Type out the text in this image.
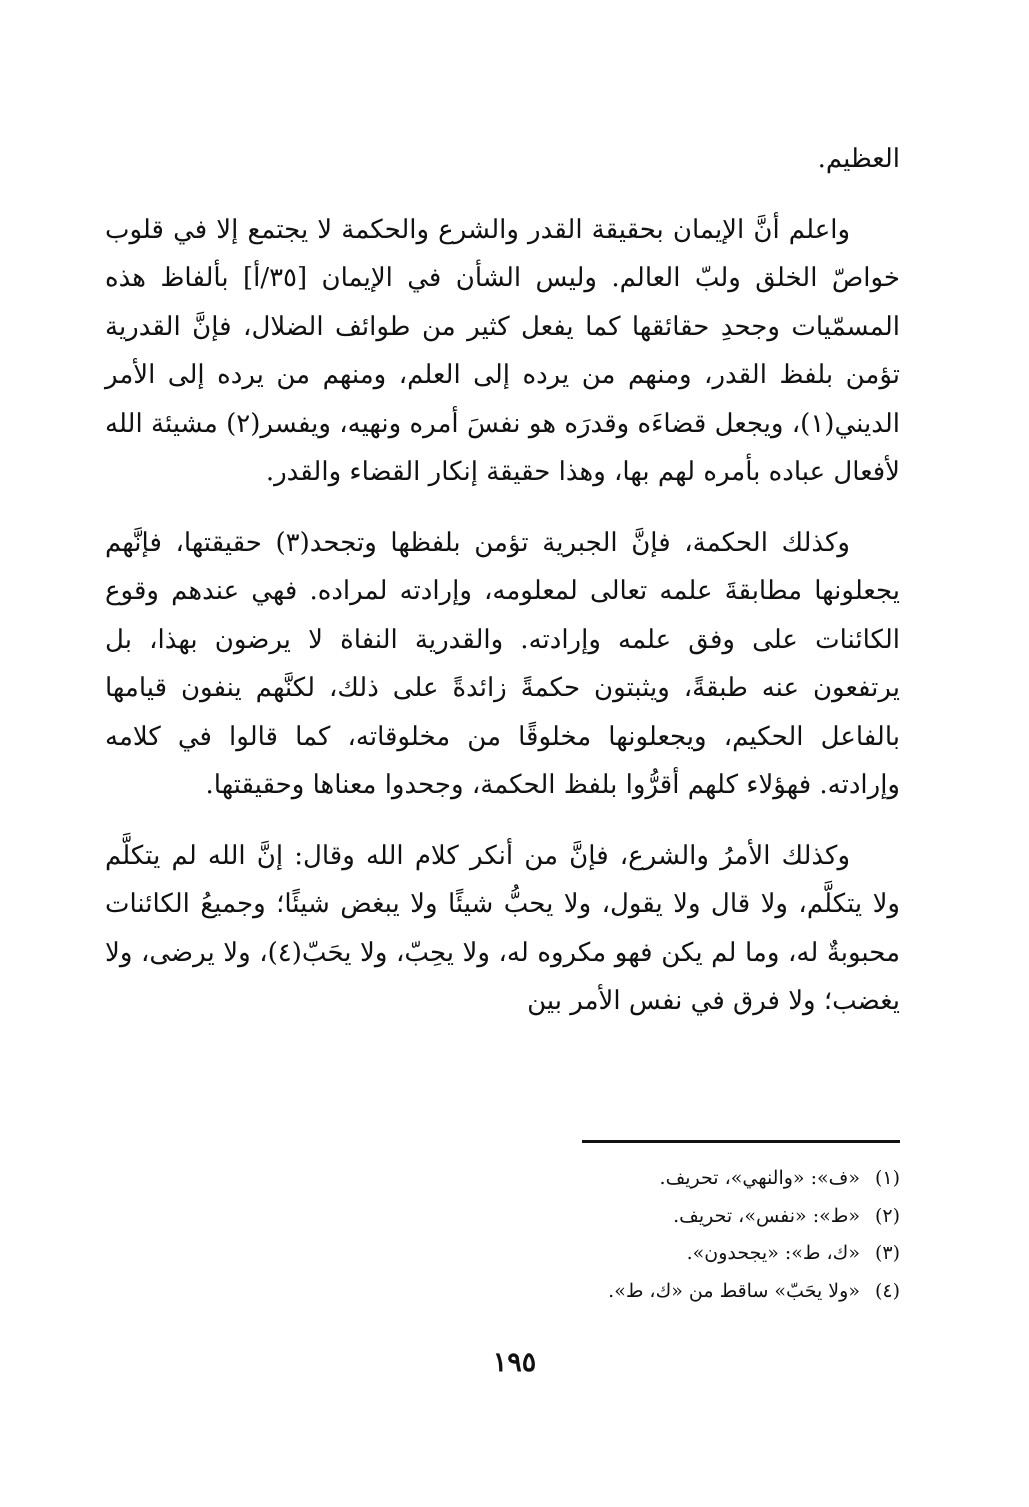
العظيم.

واعلم أنَّ الإيمان بحقيقة القدر والشرع والحكمة لا يجتمع إلا في قلوب خواصّ الخلق ولبّ العالم. وليس الشأن في الإيمان [٣٥/أ] بألفاظ هذه المسمّيات وجحدِ حقائقها كما يفعل كثير من طوائف الضلال، فإنَّ القدرية تؤمن بلفظ القدر، ومنهم من يرده إلى العلم، ومنهم من يرده إلى الأمر الديني(١)، ويجعل قضاءَه وقدرَه هو نفسَ أمره ونهيه، ويفسر(٢) مشيئة الله لأفعال عباده بأمره لهم بها، وهذا حقيقة إنكار القضاء والقدر.

وكذلك الحكمة، فإنَّ الجبرية تؤمن بلفظها وتجحد(٣) حقيقتها، فإنَّهم يجعلونها مطابقةَ علمه تعالى لمعلومه، وإرادته لمراده. فهي عندهم وقوع الكائنات على وفق علمه وإرادته. والقدرية النفاة لا يرضون بهذا، بل يرتفعون عنه طبقةً، ويثبتون حكمةً زائدةً على ذلك، لكنَّهم ينفون قيامها بالفاعل الحكيم، ويجعلونها مخلوقًا من مخلوقاته، كما قالوا في كلامه وإرادته. فهؤلاء كلهم أقرُّوا بلفظ الحكمة، وجحدوا معناها وحقيقتها.

وكذلك الأمرُ والشرع، فإنَّ من أنكر كلام الله وقال: إنَّ الله لم يتكلَّم ولا يتكلَّم، ولا قال ولا يقول، ولا يحبُّ شيئًا ولا يبغض شيئًا؛ وجميعُ الكائنات محبوبةٌ له، وما لم يكن فهو مكروه له، ولا يحِبّ، ولا يحَبّ(٤)، ولا يرضى، ولا يغضب؛ ولا فرق في نفس الأمر بين

(١) «ف»: «والنهي»، تحريف.
(٢) «ط»: «نفس»، تحريف.
(٣) «ك، ط»: «يجحدون».
(٤) «ولا يحَبّ» ساقط من «ك، ط».
١٩٥
